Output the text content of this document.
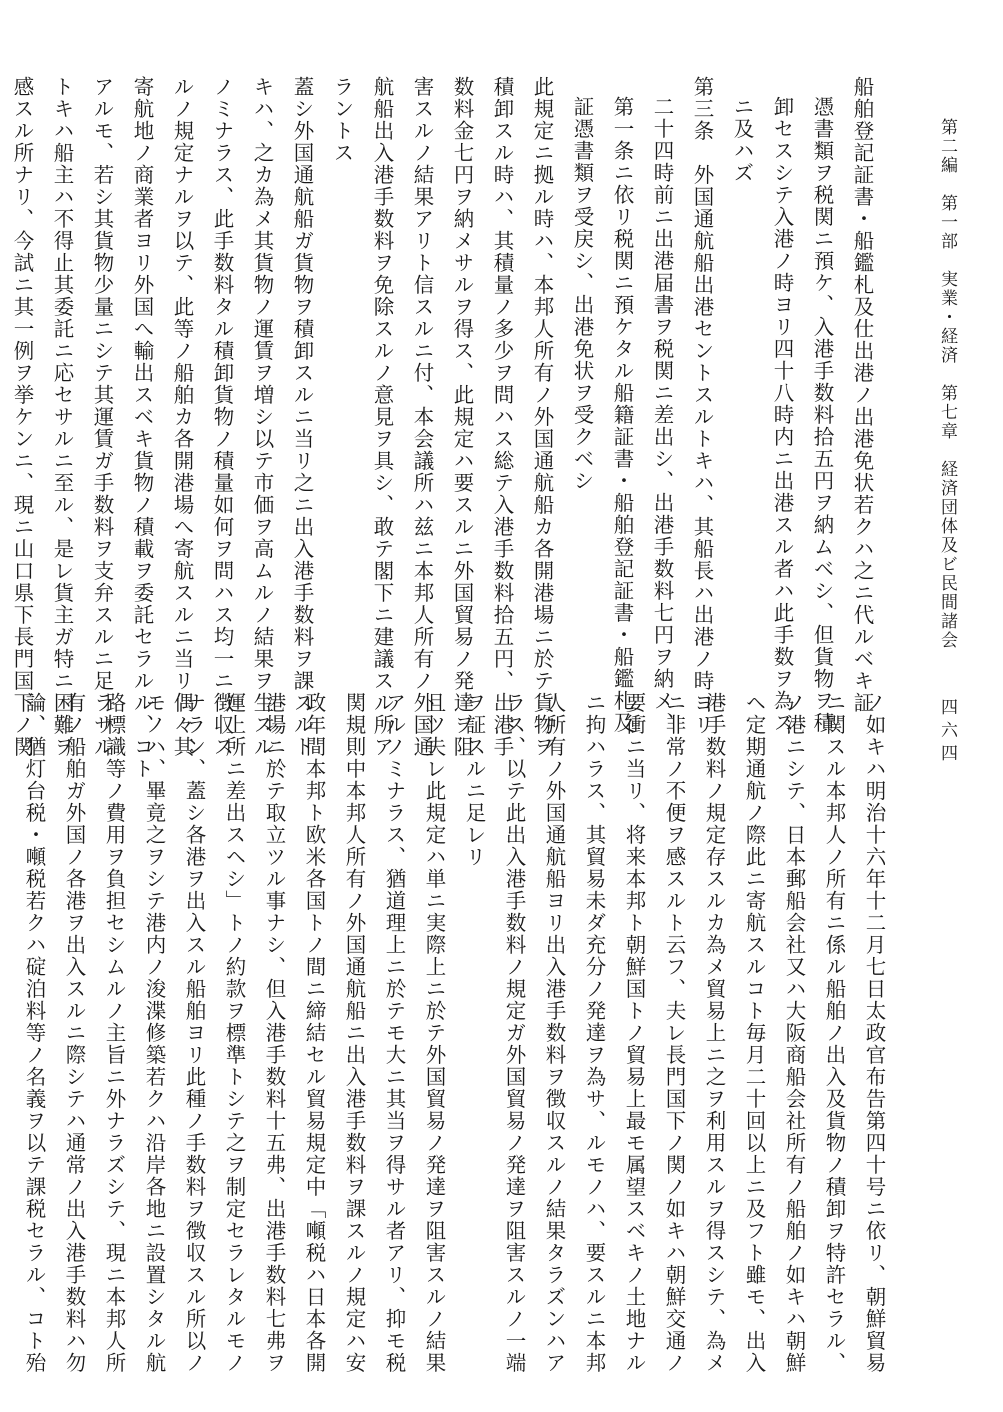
第二編　第一部　実業・経済　第七章　経済団体及ビ民間諸会
四六四
船舶登記証書・船鑑札及仕出港ノ出港免状若クハ之ニ代ルベキ証
憑書類ヲ税関ニ預ケ、入港手数料拾五円ヲ納ムベシ、但貨物ヲ積
卸セスシテ入港ノ時ヨリ四十八時内ニ出港スル者ハ此手数ヲ為ス
ニ及ハズ
第三条　外国通航船出港セントスルトキハ、其船長ハ出港ノ時ヨリ
二十四時前ニ出港届書ヲ税関ニ差出シ、出港手数料七円ヲ納メ、
第一条ニ依リ税関ニ預ケタル船籍証書・船舶登記証書・船鑑札及
証憑書類ヲ受戻シ、出港免状ヲ受クベシ
此規定ニ拠ル時ハ、本邦人所有ノ外国通航船カ各開港場ニ於テ貨物ヲ
積卸スル時ハ、其積量ノ多少ヲ問ハス総テ入港手数料拾五円、出港手
数料金七円ヲ納メサルヲ得ス、此規定ハ要スルニ外国貿易ノ発達ヲ阻
害スルノ結果アリト信スルニ付、本会議所ハ兹ニ本邦人所有ノ外国通
航船出入港手数料ヲ免除スルノ意見ヲ具シ、敢テ閣下ニ建議スル所ア
ラントス
蓋シ外国通航船ガ貨物ヲ積卸スルニ当リ之ニ出入港手数料ヲ課スルト
キハ、之カ為メ其貨物ノ運賃ヲ増シ以テ市価ヲ高ムルノ結果ヲ生スル
ノミナラス、此手数料タル積卸貨物ノ積量如何ヲ問ハス均一ニ徴収ス
ルノ規定ナルヲ以テ、此等ノ船舶カ各開港場へ寄航スルニ当リ偶々其
寄航地ノ商業者ヨリ外国へ輸出スベキ貨物ノ積載ヲ委託セラルル、コト
アルモ、若シ其貨物少量ニシテ其運賃ガ手数料ヲ支弁スルニ足ラサル
トキハ船主ハ不得止其委託ニ応セサルニ至ル、是レ貨主ガ特ニ困難ヲ
感スル所ナリ、今試ニ其一例ヲ挙ケンニ、現ニ山口県下長門国下ノ関
ノ如キハ明治十六年十二月七日太政官布告第四十号ニ依リ、朝鮮貿易
ニ関スル本邦人ノ所有ニ係ル船舶ノ出入及貨物ノ積卸ヲ特許セラル、
ノ港ニシテ、日本郵船会社又ハ大阪商船会社所有ノ船舶ノ如キハ朝鮮
ヘ定期通航ノ際此ニ寄航スルコト毎月二十回以上ニ及フト雖モ、出入
港手数料ノ規定存スルカ為メ貿易上ニ之ヲ利用スルヲ得スシテ、為メ
ニ非常ノ不便ヲ感スルト云フ、夫レ長門国下ノ関ノ如キハ朝鮮交通ノ
要衝ニ当リ、将来本邦ト朝鮮国トノ貿易上最モ属望スベキノ土地ナル
ニ拘ハラス、其貿易未ダ充分ノ発達ヲ為サ、ルモノハ、要スルニ本邦
人所有ノ外国通航船ヨリ出入港手数料ヲ徴収スルノ結果タラズンハア
ラス、以テ此出入港手数料ノ規定ガ外国貿易ノ発達ヲ阻害スルノ一端
ヲ証スルニ足レリ
且ツ夫レ此規定ハ単ニ実際上ニ於テ外国貿易ノ発達ヲ阻害スルノ結果
アルノミナラス、猶道理上ニ於テモ大ニ其当ヲ得サル者アリ、抑モ税
関規則中本邦人所有ノ外国通航船ニ出入港手数料ヲ課スルノ規定ハ安
政年間本邦ト欧米各国トノ間ニ締結セル貿易規定中「噸税ハ日本各開
港場ニ於テ取立ツル事ナシ、但入港手数料十五弗、出港手数料七弗ヲ
運上所ニ差出スヘシ」トノ約款ヲ標準トシテ之ヲ制定セラレタルモノ
ナラン、蓋シ各港ヲ出入スル船舶ヨリ此種ノ手数料ヲ徴収スル所以ノ
モノハ、畢竟之ヲシテ港内ノ浚渫修築若クハ沿岸各地ニ設置シタル航
路標識等ノ費用ヲ負担セシムルノ主旨ニ外ナラズシテ、現ニ本邦人所
有ノ船舶ガ外国ノ各港ヲ出入スルニ際シテハ通常ノ出入港手数料ハ勿
論、猶灯台税・噸税若クハ碇泊料等ノ名義ヲ以テ課税セラル、コト殆
